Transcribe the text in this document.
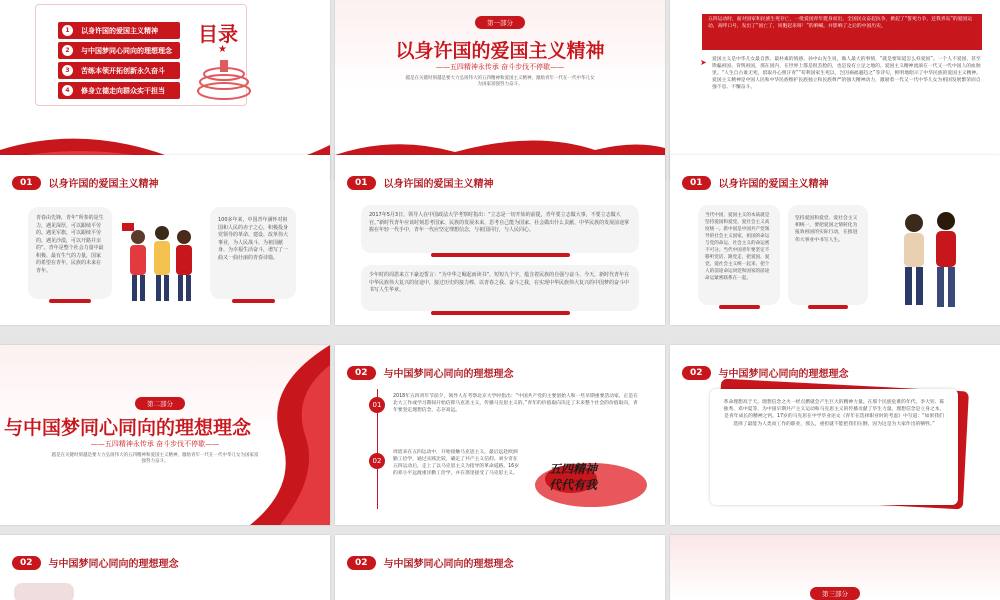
1	以身许国的爱国主义精神
2	与中国梦同心同向的理想理念
3	苦练本领开拓创新永久奋斗
4	修身立德走向群众实干担当
目录
★
第一部分
以身许国的爱国主义精神
——五四精神永传承 奋斗步伐不停歇——
越是在关键时刻越是要大力弘扬伟大的五四精神和爱国主义精神，激励青年一代在一代中华儿女为国家富强努力奋斗。
五四运动时，面对国家和民族生死存亡，一批爱国青年挺身而出，全国民众奋起抗争，掀起了“誓死力争，还我青岛”的爱国运动，高呼口号，发出了“国亡了，同胞起来呀！”的呐喊，并影响了之后的中国历史。
➤ 爱国主义是中华儿女最自然、最朴素的情感。孙中山先生说，做人最大的事情，“就是要知道怎么样爱国”。一个人不爱国，甚至欺骗祖国、背叛祖国，那在国内、在世界上都是很丢脸的，也是没有立足之地的。爱国主义精神流淌在一代又一代中国人的血脉里。“人生自古谁无死，留取丹心照汗青”“苟利国家生死以，岂因祸福避趋之”等诗句，鲜明地昭示了中华民族的爱国主义精神。爱国主义精神是中国人民和中华民族维护民族独立和民族尊严的强大精神动力，激励着一代又一代中华儿女为祖国发展繁荣而自强不息、不懈奋斗。
01	以身许国的爱国主义精神
青春由先锋，青年“所参的是生力，遇见深厚，可以跟续平劳的。遇见军旗，可以跟续平劳的，遇见沙漠，可以开路并亲的”。青年是整个社会力量中最积极、最有生气的力量，国家的希望在青年，民族的未来在青年。
100多年来，中国青年满怀对祖国和人民的赤子之心，积极投身党领导的革命、建设、改革伟大事业，为人民战斗、为祖国献身、为幸福生活奋斗，谱写了一曲又一曲壮丽的青春诗篇。
01	以身许国的爱国主义精神
2017年5月3日，领导人在中国政法大学考察时指出：“立志是一切开始的前提，青年要立志做大事，不要立志做大官。”新时代青年应该时刻思考国家、民族的发展未来，思考自己能为国家、社会做出什么贡献，中华民族的发展前途掌握在年轻一代手中，青年一代应坚定理想信念，与祖国同行，与人民同心。
少年时的周恩来立下豪迈誓言：“为中华之崛起而读书”，短短九个字，蕴含着民族的自强与奋斗，今天，新时代青年在中华民族伟大复兴的征途中，接过历史的接力棒，以青春之我、奋斗之我，在实现中华民族伟大复兴的中国梦的奋斗中书写人生华章。
01	以身许国的爱国主义精神
当代中国，爱国主义的本质就是坚持爱国和爱党、爱社会主义高度统一。新中国是中国共产党领导的社会主义国家，祖国的命运与党的命运、社会主义的命运密不可分。当代中国青年要坚定不移听党话、跟党走，把爱国、爱党、爱社会主义统一起来，把个人的前途命运同党和国家的前途命运紧密联系在一起。
坚持爱国和爱党、爱社会主义相统一，要把爱国之情转化为报效祖国的实际行动，在推进伟大事业中书写人生。
第二部分
与中国梦同心同向的理想理念
——五四精神永传承 奋斗步伐不停歇——
越是在关键时刻越是要大力弘扬伟大的五四精神和爱国主义精神，激励青年一代在一代中华儿女为国家富强努力奋斗。
02	与中国梦同心同向的理想理念
01
2018年五四青年节前夕，领导人在考察北京大学时指出：“中国共产党的主要创始人和一些早期重要活动家，正是在北大工作或学习期间开始信仰马克思主义，传播马克思主义的。”青年的价值取向决定了未来整个社会的价值取向，青年要坚定理想信念，志存高远。
02
周恩来在五四运动中，开始接触马克思主义，最后远赴欧洲勤工俭学，通过实践比较，确定了共产主义信仰。刘少奇在五四运动后，走上了以马克思主义为指导的革命道路。16岁的邓小平远渡重洋勤工俭学，并在那里接受了马克思主义。	五四精神
代代有我
02	与中国梦同心同向的理想理念
革命理想高于天。理想信念之火一经点燃就会产生巨大的精神力量。在那个民族危难的年代，李大钊、陈独秀、邓中夏等，为中国早期共产主义运动和马克思主义的传播贡献了毕生力量。理想信念是立身之本，是青年成长的精神之钙。17岁的马克思在中学毕业论文《青年在选择职业时的考虑》中写道：“如果我们选择了最能为人类而工作的职业，那么，重担就不能把我们压倒，因为这是为大家作出的牺牲。”
02	与中国梦同心同向的理想理念	02	与中国梦同心同向的理想理念
第三部分
